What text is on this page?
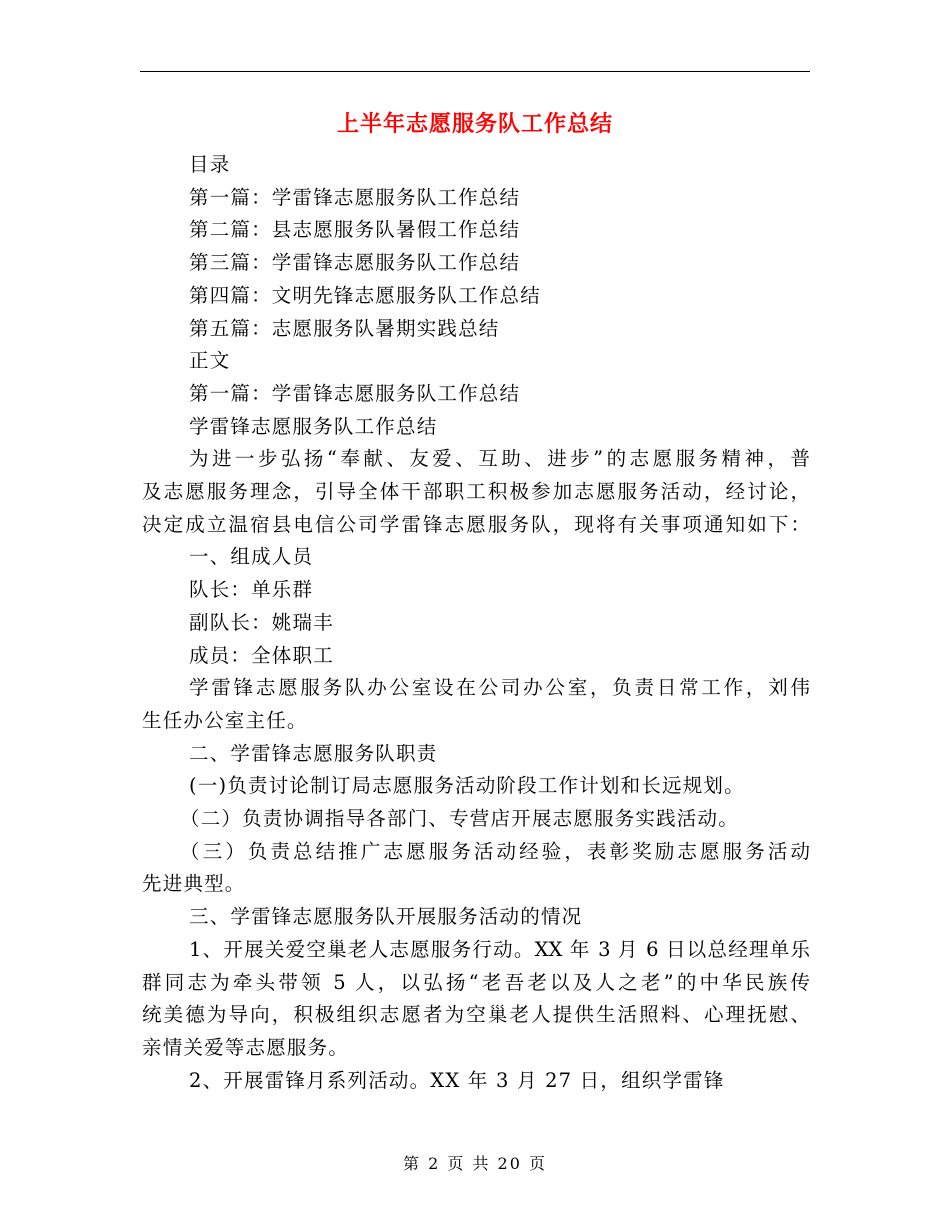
上半年志愿服务队工作总结
目录
第一篇：学雷锋志愿服务队工作总结
第二篇：县志愿服务队暑假工作总结
第三篇：学雷锋志愿服务队工作总结
第四篇：文明先锋志愿服务队工作总结
第五篇：志愿服务队暑期实践总结
正文
第一篇：学雷锋志愿服务队工作总结
学雷锋志愿服务队工作总结
为进一步弘扬“奉献、友爱、互助、进步”的志愿服务精神，普
及志愿服务理念，引导全体干部职工积极参加志愿服务活动，经讨论，
决定成立温宿县电信公司学雷锋志愿服务队，现将有关事项通知如下：
一、组成人员
队长：单乐群
副队长：姚瑞丰
成员：全体职工
学雷锋志愿服务队办公室设在公司办公室，负责日常工作，刘伟
生任办公室主任。
二、学雷锋志愿服务队职责
(一)负责讨论制订局志愿服务活动阶段工作计划和长远规划。
（二）负责协调指导各部门、专营店开展志愿服务实践活动。
（三）负责总结推广志愿服务活动经验，表彰奖励志愿服务活动
先进典型。
三、学雷锋志愿服务队开展服务活动的情况
1、开展关爱空巢老人志愿服务行动。XX 年 3 月 6 日以总经理单乐
群同志为牵头带领 5 人，以弘扬“老吾老以及人之老”的中华民族传
统美德为导向，积极组织志愿者为空巢老人提供生活照料、心理抚慰、
亲情关爱等志愿服务。
2、开展雷锋月系列活动。XX 年 3 月 27 日，组织学雷锋
第 2 页 共 20 页
